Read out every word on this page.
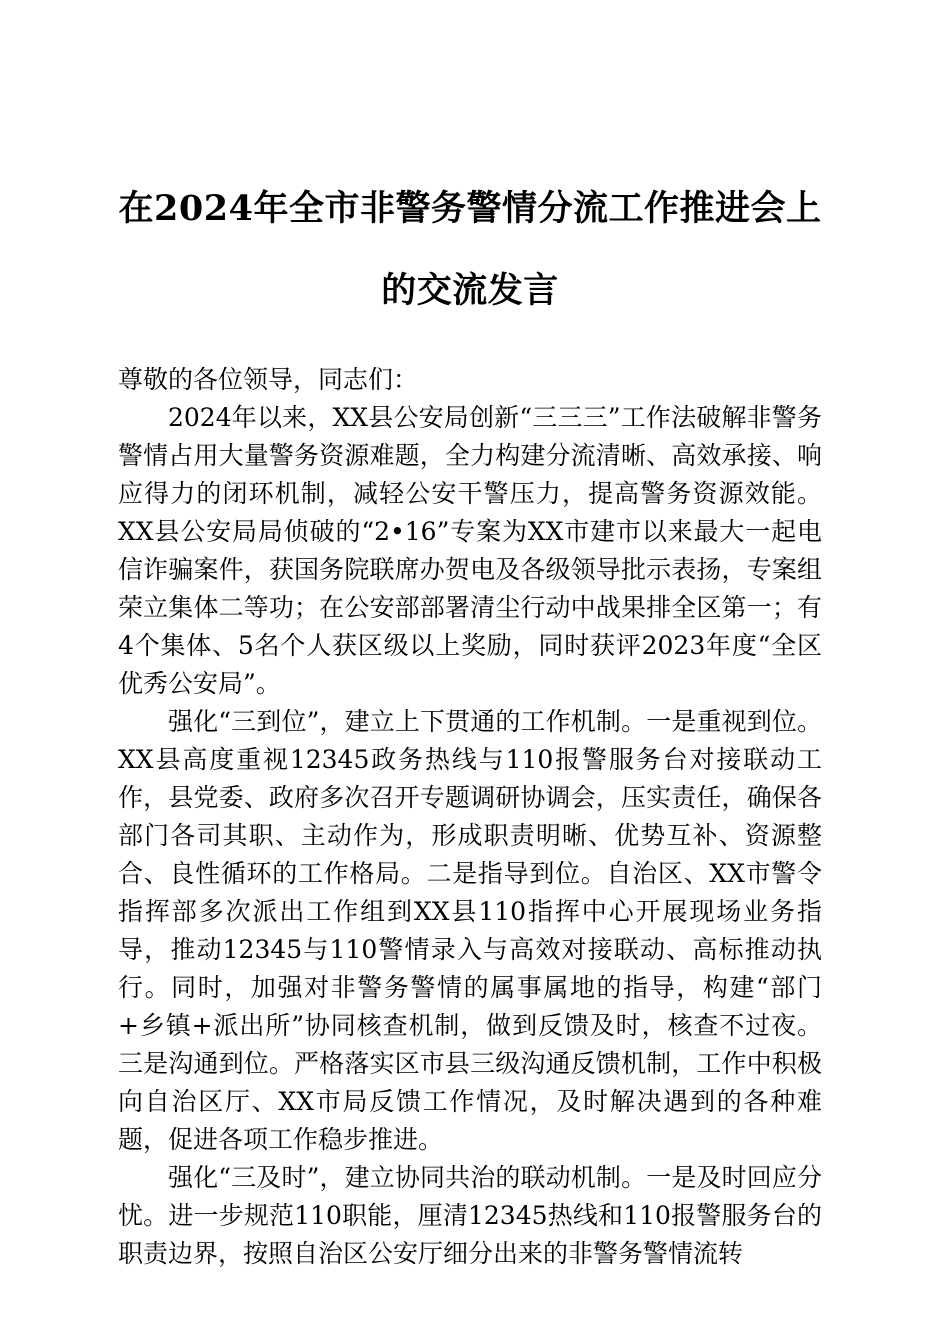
在2024年全市非警务警情分流工作推进会上
的交流发言

尊敬的各位领导，同志们：

2024年以来，XX县公安局创新“三三三”工作法破解非警务警情占用大量警务资源难题，全力构建分流清晰、高效承接、响应得力的闭环机制，减轻公安干警压力，提高警务资源效能。XX县公安局局侦破的“2•16”专案为XX市建市以来最大一起电信诈骗案件，获国务院联席办贺电及各级领导批示表扬，专案组荣立集体二等功；在公安部部署清尘行动中战果排全区第一；有4个集体、5名个人获区级以上奖励，同时获评2023年度“全区优秀公安局”。

强化“三到位”，建立上下贯通的工作机制。一是重视到位。XX县高度重视12345政务热线与110报警服务台对接联动工作，县党委、政府多次召开专题调研协调会，压实责任，确保各部门各司其职、主动作为，形成职责明晰、优势互补、资源整合、良性循环的工作格局。二是指导到位。自治区、XX市警令指挥部多次派出工作组到XX县110指挥中心开展现场业务指导，推动12345与110警情录入与高效对接联动、高标推动执行。同时，加强对非警务警情的属事属地的指导，构建“部门+乡镇+派出所”协同核查机制，做到反馈及时，核查不过夜。三是沟通到位。严格落实区市县三级沟通反馈机制，工作中积极向自治区厅、XX市局反馈工作情况，及时解决遇到的各种难题，促进各项工作稳步推进。

强化“三及时”，建立协同共治的联动机制。一是及时回应分忧。进一步规范110职能，厘清12345热线和110报警服务台的职责边界，按照自治区公安厅细分出来的非警务警情流转
